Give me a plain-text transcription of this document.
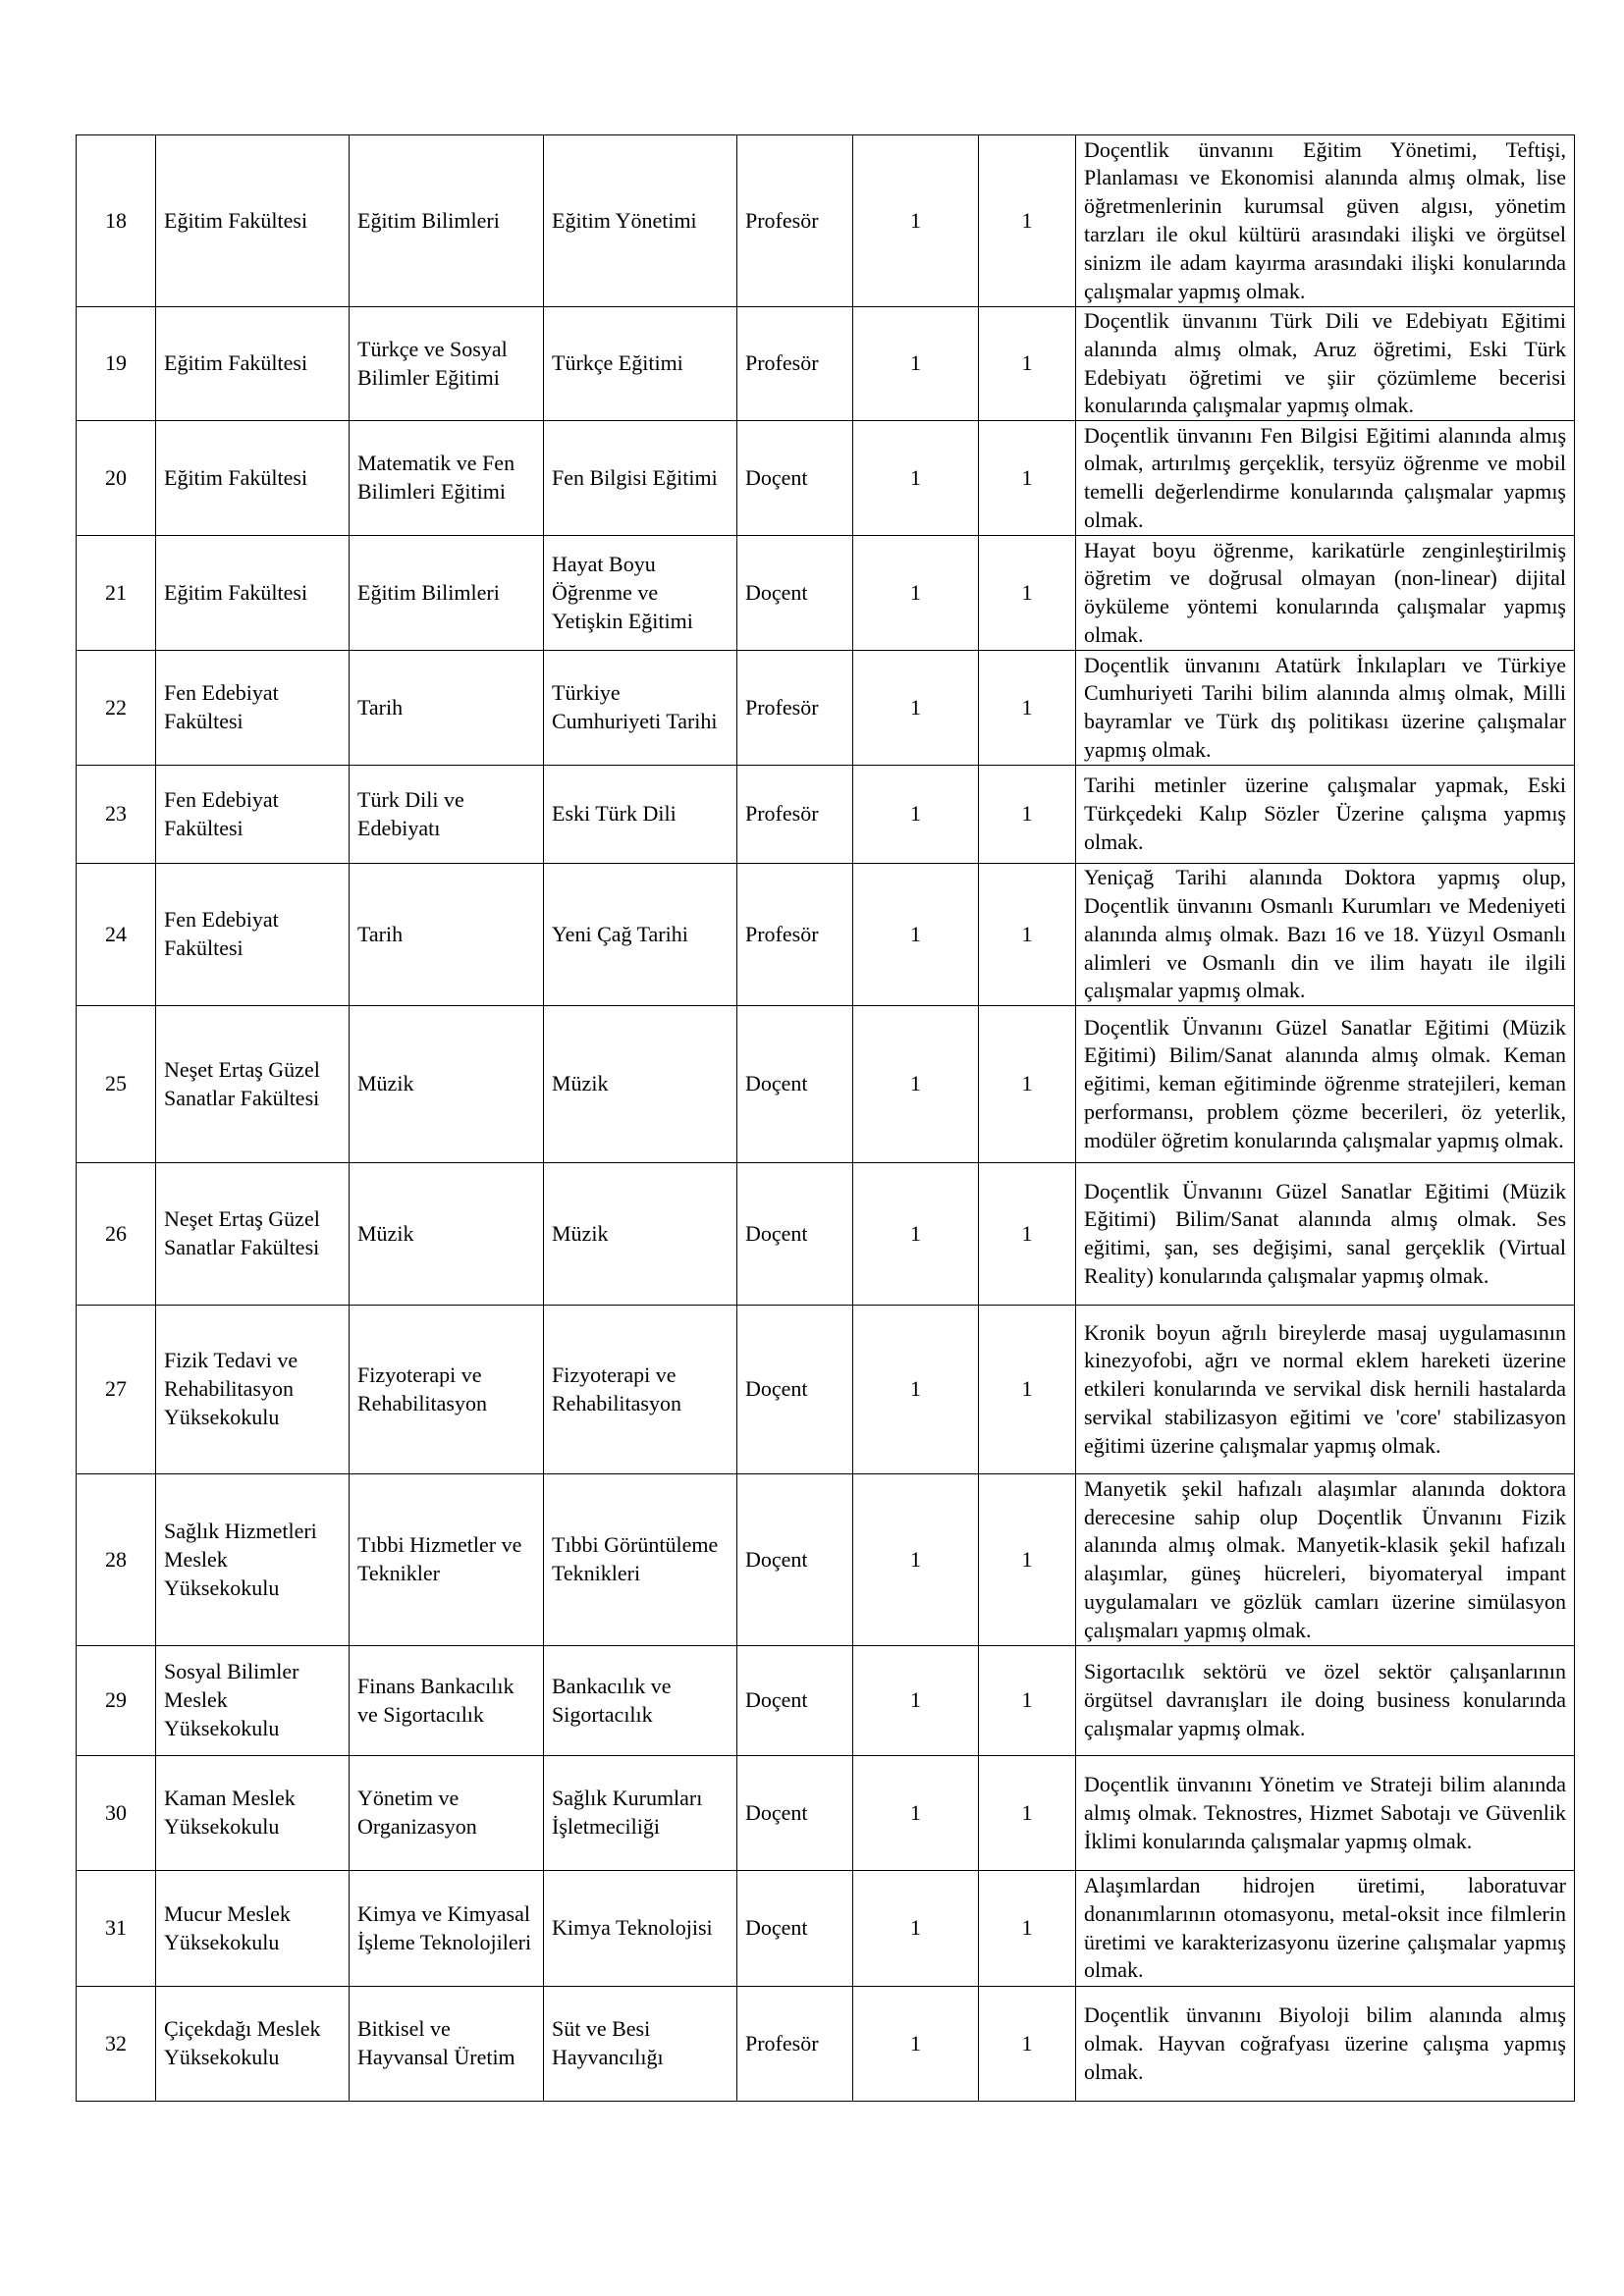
18	Eğitim Fakültesi	Eğitim Bilimleri	Eğitim Yönetimi	Profesör	1	1	Doçentlik ünvanını Eğitim Yönetimi, Teftişi, Planlaması ve Ekonomisi alanında almış olmak, lise öğretmenlerinin kurumsal güven algısı, yönetim tarzları ile okul kültürü arasındaki ilişki ve örgütsel sinizm ile adam kayırma arasındaki ilişki konularında çalışmalar yapmış olmak.
19	Eğitim Fakültesi	Türkçe ve Sosyal Bilimler Eğitimi	Türkçe Eğitimi	Profesör	1	1	Doçentlik ünvanını Türk Dili ve Edebiyatı Eğitimi alanında almış olmak, Aruz öğretimi, Eski Türk Edebiyatı öğretimi ve şiir çözümleme becerisi konularında çalışmalar yapmış olmak.
20	Eğitim Fakültesi	Matematik ve Fen Bilimleri Eğitimi	Fen Bilgisi Eğitimi	Doçent	1	1	Doçentlik ünvanını Fen Bilgisi Eğitimi alanında almış olmak, artırılmış gerçeklik, tersyüz öğrenme ve mobil temelli değerlendirme konularında çalışmalar yapmış olmak.
21	Eğitim Fakültesi	Eğitim Bilimleri	Hayat Boyu Öğrenme ve Yetişkin Eğitimi	Doçent	1	1	Hayat boyu öğrenme, karikatürle zenginleştirilmiş öğretim ve doğrusal olmayan (non-linear) dijital öyküleme yöntemi konularında çalışmalar yapmış olmak.
22	Fen Edebiyat Fakültesi	Tarih	Türkiye Cumhuriyeti Tarihi	Profesör	1	1	Doçentlik ünvanını Atatürk İnkılapları ve Türkiye Cumhuriyeti Tarihi bilim alanında almış olmak, Milli bayramlar ve Türk dış politikası üzerine çalışmalar yapmış olmak.
23	Fen Edebiyat Fakültesi	Türk Dili ve Edebiyatı	Eski Türk Dili	Profesör	1	1	Tarihi metinler üzerine çalışmalar yapmak, Eski Türkçedeki Kalıp Sözler Üzerine çalışma yapmış olmak.
24	Fen Edebiyat Fakültesi	Tarih	Yeni Çağ Tarihi	Profesör	1	1	Yeniçağ Tarihi alanında Doktora yapmış olup, Doçentlik ünvanını Osmanlı Kurumları ve Medeniyeti alanında almış olmak. Bazı 16 ve 18. Yüzyıl Osmanlı alimleri ve Osmanlı din ve ilim hayatı ile ilgili çalışmalar yapmış olmak.
25	Neşet Ertaş Güzel Sanatlar Fakültesi	Müzik	Müzik	Doçent	1	1	Doçentlik Ünvanını Güzel Sanatlar Eğitimi (Müzik Eğitimi) Bilim/Sanat alanında almış olmak. Keman eğitimi, keman eğitiminde öğrenme stratejileri, keman performansı, problem çözme becerileri, öz yeterlik, modüler öğretim konularında çalışmalar yapmış olmak.
26	Neşet Ertaş Güzel Sanatlar Fakültesi	Müzik	Müzik	Doçent	1	1	Doçentlik Ünvanını Güzel Sanatlar Eğitimi (Müzik Eğitimi) Bilim/Sanat alanında almış olmak. Ses eğitimi, şan, ses değişimi, sanal gerçeklik (Virtual Reality) konularında çalışmalar yapmış olmak.
27	Fizik Tedavi ve Rehabilitasyon Yüksekokulu	Fizyoterapi ve Rehabilitasyon	Fizyoterapi ve Rehabilitasyon	Doçent	1	1	Kronik boyun ağrılı bireylerde masaj uygulamasının kinezyofobi, ağrı ve normal eklem hareketi üzerine etkileri konularında ve servikal disk hernili hastalarda servikal stabilizasyon eğitimi ve 'core' stabilizasyon eğitimi üzerine çalışmalar yapmış olmak.
28	Sağlık Hizmetleri Meslek Yüksekokulu	Tıbbi Hizmetler ve Teknikler	Tıbbi Görüntüleme Teknikleri	Doçent	1	1	Manyetik şekil hafızalı alaşımlar alanında doktora derecesine sahip olup Doçentlik Ünvanını Fizik alanında almış olmak. Manyetik-klasik şekil hafızalı alaşımlar, güneş hücreleri, biyomateryal impant uygulamaları ve gözlük camları üzerine simülasyon çalışmaları yapmış olmak.
29	Sosyal Bilimler Meslek Yüksekokulu	Finans Bankacılık ve Sigortacılık	Bankacılık ve Sigortacılık	Doçent	1	1	Sigortacılık sektörü ve özel sektör çalışanlarının örgütsel davranışları ile doing business konularında çalışmalar yapmış olmak.
30	Kaman Meslek Yüksekokulu	Yönetim ve Organizasyon	Sağlık Kurumları İşletmeciliği	Doçent	1	1	Doçentlik ünvanını Yönetim ve Strateji bilim alanında almış olmak. Teknostres, Hizmet Sabotajı ve Güvenlik İklimi konularında çalışmalar yapmış olmak.
31	Mucur Meslek Yüksekokulu	Kimya ve Kimyasal İşleme Teknolojileri	Kimya Teknolojisi	Doçent	1	1	Alaşımlardan hidrojen üretimi, laboratuvar donanımlarının otomasyonu, metal-oksit ince filmlerin üretimi ve karakterizasyonu üzerine çalışmalar yapmış olmak.
32	Çiçekdağı Meslek Yüksekokulu	Bitkisel ve Hayvansal Üretim	Süt ve Besi Hayvancılığı	Profesör	1	1	Doçentlik ünvanını Biyoloji bilim alanında almış olmak. Hayvan coğrafyası üzerine çalışma yapmış olmak.
